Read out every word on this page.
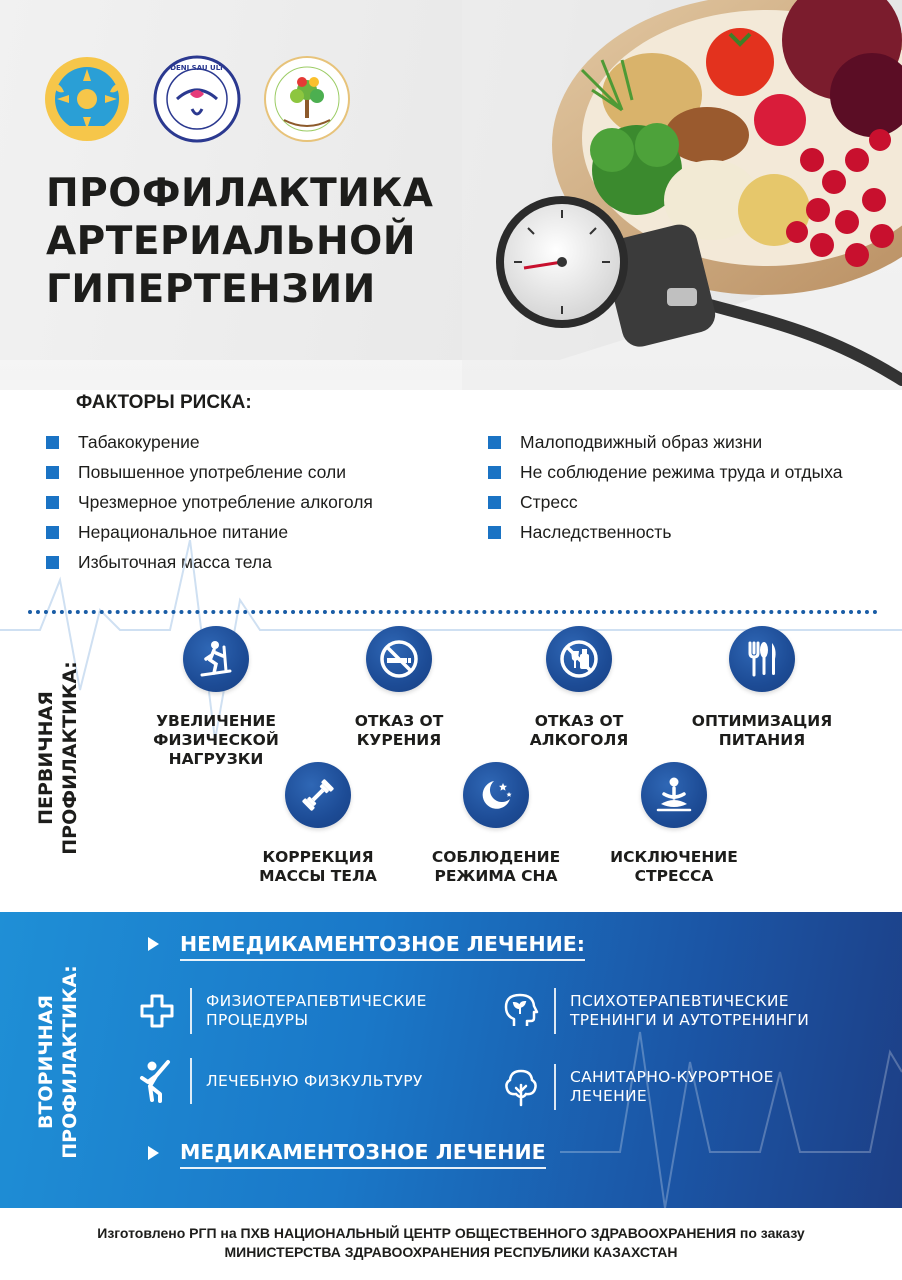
DENI SAU ULT
ПРОФИЛАКТИКА
АРТЕРИАЛЬНОЙ
ГИПЕРТЕНЗИИ
ФАКТОРЫ РИСКА:
Табакокурение
Повышенное употребление соли
Чрезмерное употребление алкоголя
Нерациональное питание
Избыточная масса тела
Малоподвижный образ жизни
Не соблюдение режима труда и отдыха
Стресс
Наследственность
ПЕРВИЧНАЯ ПРОФИЛАКТИКА:	УВЕЛИЧЕНИЕ
ФИЗИЧЕСКОЙ
НАГРУЗКИ
ОТКАЗ ОТ
КУРЕНИЯ
ОТКАЗ ОТ
АЛКОГОЛЯ
ОПТИМИЗАЦИЯ
ПИТАНИЯ
КОРРЕКЦИЯ
МАССЫ ТЕЛА
СОБЛЮДЕНИЕ
РЕЖИМА СНА
ИСКЛЮЧЕНИЕ
СТРЕССА
ВТОРИЧНАЯ ПРОФИЛАКТИКА:
НЕМЕДИКАМЕНТОЗНОЕ ЛЕЧЕНИЕ:
ФИЗИОТЕРАПЕВТИЧЕСКИЕ
ПРОЦЕДУРЫ
ПСИХОТЕРАПЕВТИЧЕСКИЕ
ТРЕНИНГИ И АУТОТРЕНИНГИ
ЛЕЧЕБНУЮ ФИЗКУЛЬТУРУ	САНИТАРНО-КУРОРТНОЕ
ЛЕЧЕНИЕ
МЕДИКАМЕНТОЗНОЕ ЛЕЧЕНИЕ
Изготовлено РГП на ПХВ НАЦИОНАЛЬНЫЙ ЦЕНТР ОБЩЕСТВЕННОГО ЗДРАВООХРАНЕНИЯ по заказу
МИНИСТЕРСТВА ЗДРАВООХРАНЕНИЯ РЕСПУБЛИКИ КАЗАХСТАН
